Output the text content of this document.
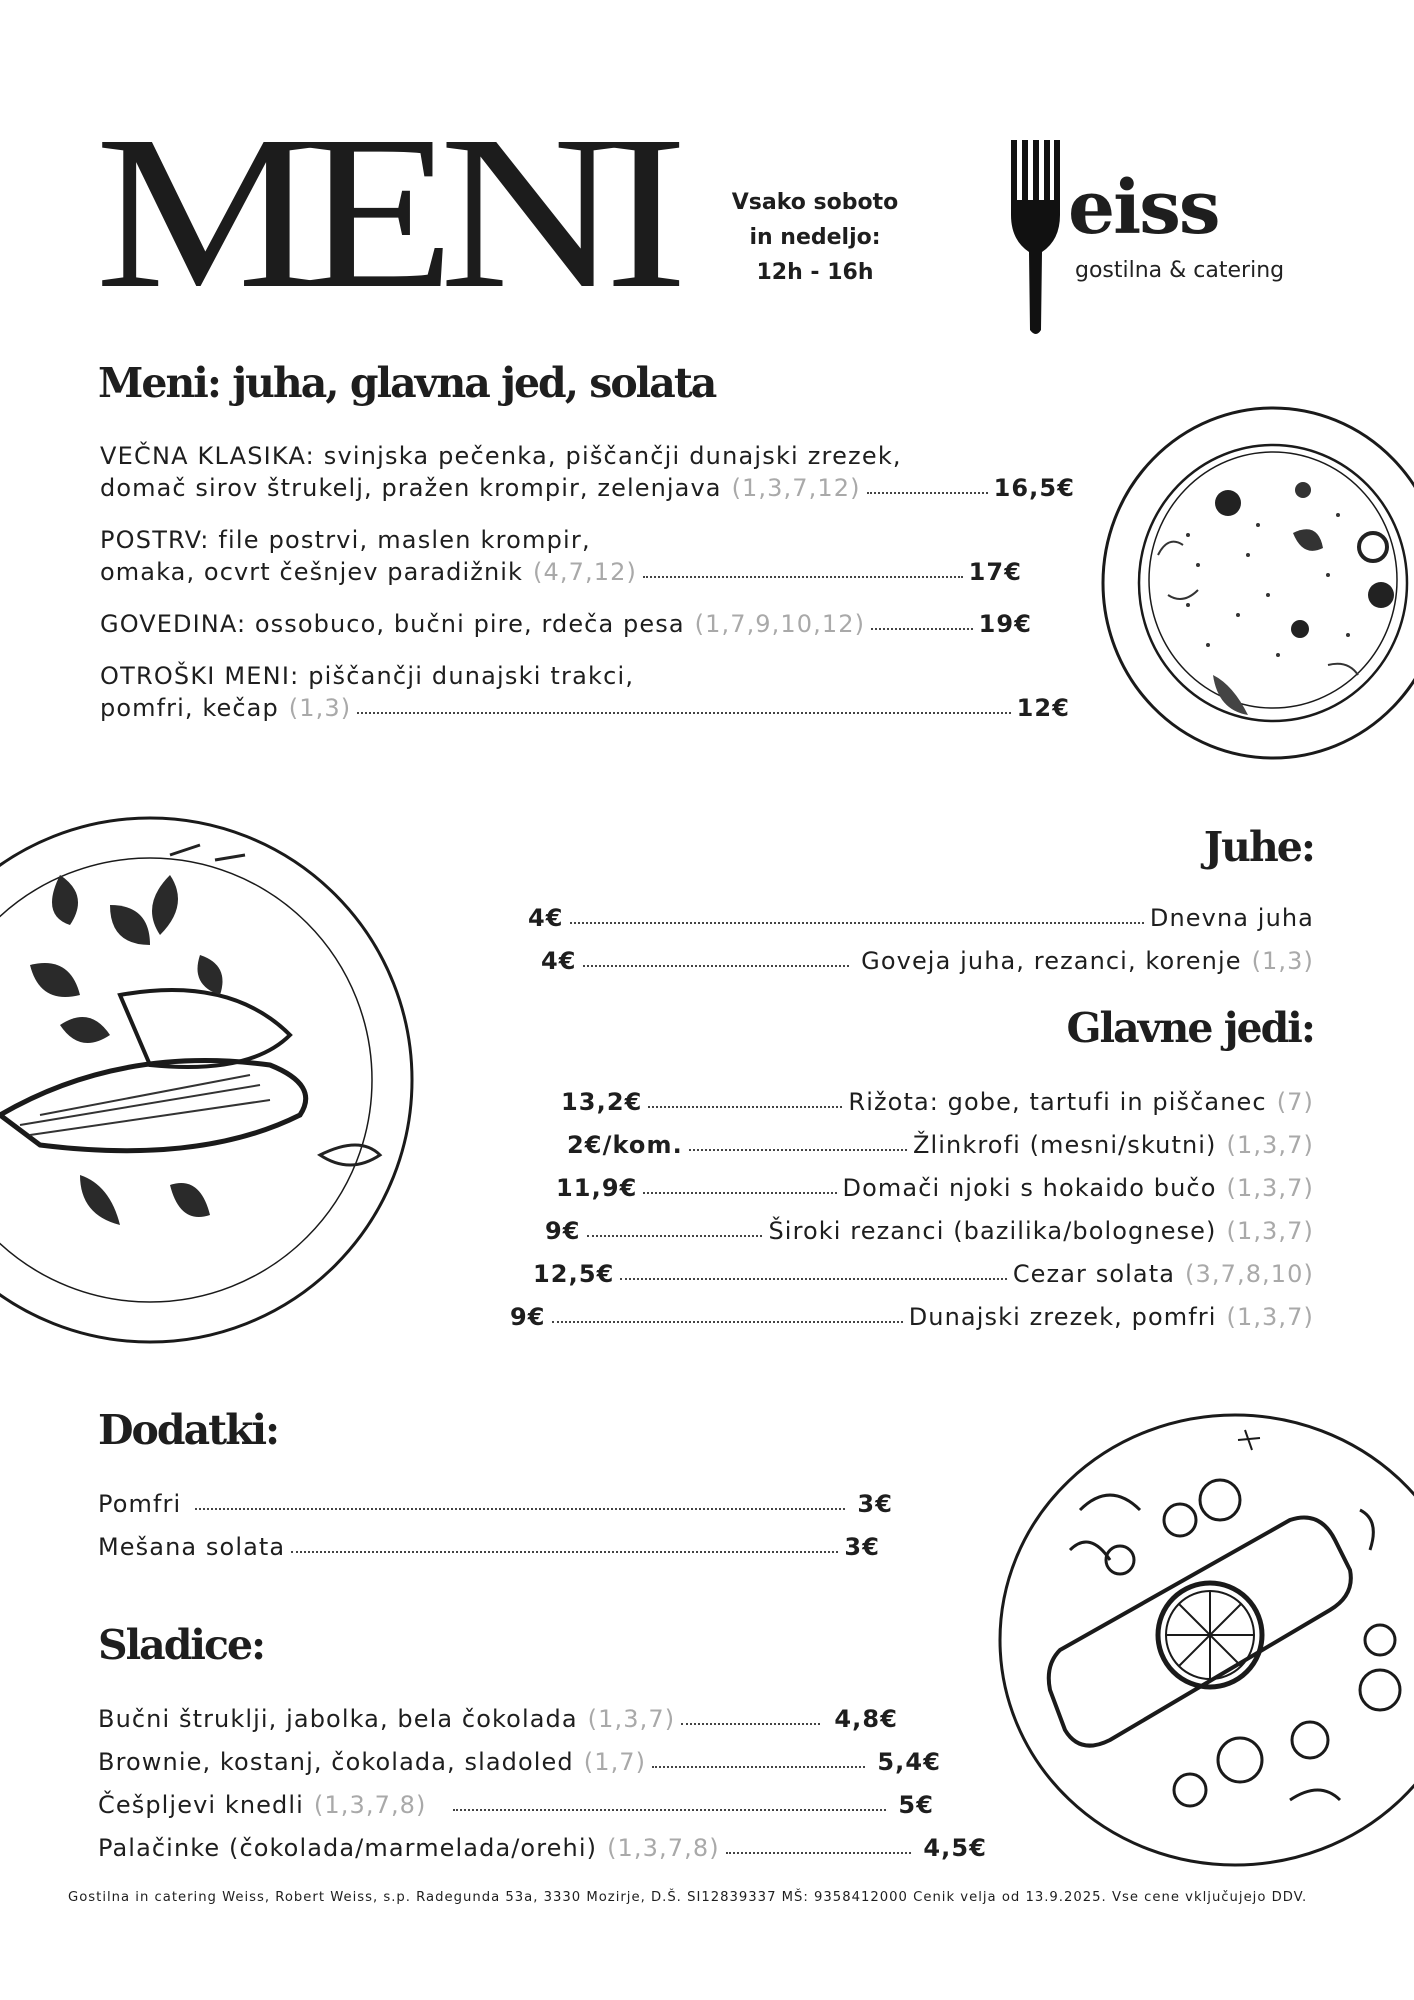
MENI	Vsako soboto
in nedeljo:
12h - 16h
eiss
gostilna & catering
Meni: juha, glavna jed, solata
VEČNA KLASIKA: svinjska pečenka, piščančji dunajski zrezek,
domač sirov štrukelj, pražen krompir, zelenjava (1,3,7,12)	16,5€
POSTRV: file postrvi, maslen krompir,
omaka, ocvrt češnjev paradižnik (4,7,12)	17€
GOVEDINA: ossobuco, bučni pire, rdeča pesa (1,7,9,10,12)	19€
OTROŠKI MENI: piščančji dunajski trakci,
pomfri, kečap (1,3)	12€
Juhe:
4€	Dnevna juha
4€	Goveja juha, rezanci, korenje (1,3)
Glavne jedi:
13,2€	Rižota: gobe, tartufi in piščanec (7)
2€/kom.	Žlinkrofi (mesni/skutni) (1,3,7)
11,9€	Domači njoki s hokaido bučo (1,3,7)
9€	Široki rezanci (bazilika/bolognese) (1,3,7)
12,5€	Cezar solata (3,7,8,10)
9€	Dunajski zrezek, pomfri (1,3,7)
Dodatki:
Pomfri	3€
Mešana solata	3€
Sladice:
Bučni štruklji, jabolka, bela čokolada (1,3,7)	4,8€
Brownie, kostanj, čokolada, sladoled (1,7)	5,4€
Češpljevi knedli (1,3,7,8)	5€
Palačinke (čokolada/marmelada/orehi) (1,3,7,8)	4,5€
Gostilna in catering Weiss, Robert Weiss, s.p. Radegunda 53a, 3330 Mozirje, D.Š. SI12839337 MŠ: 9358412000 Cenik velja od 13.9.2025. Vse cene vključujejo DDV.
